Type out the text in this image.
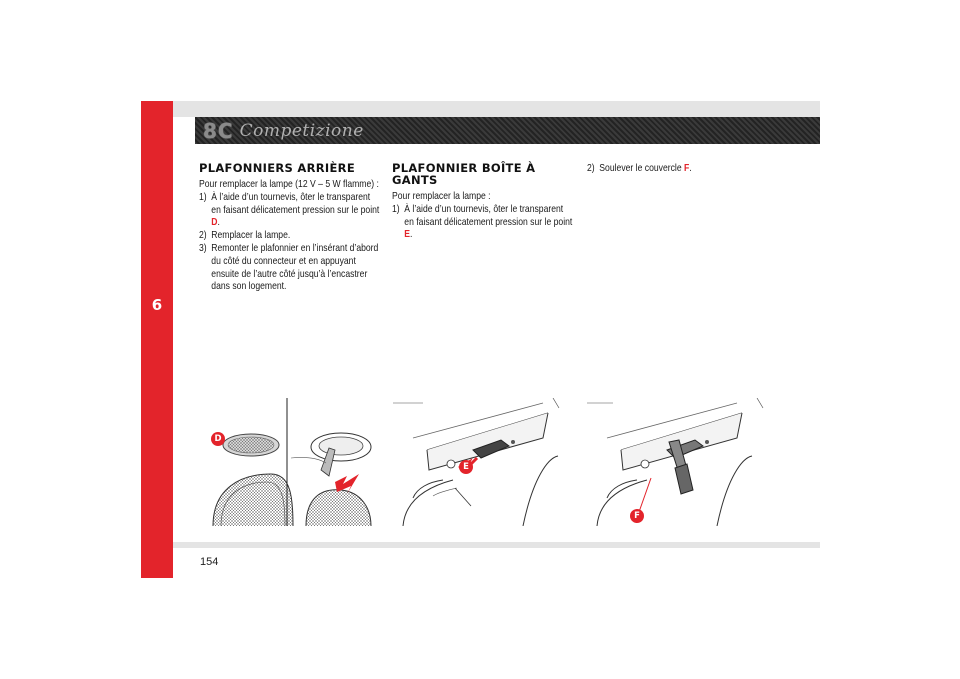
6
8C Competizione
PLAFONNIERS ARRIÈRE

Pour remplacer la lampe (12 V – 5 W flamme) :

1) À l’aide d’un tournevis, ôter le transparent en faisant délicatement pression sur le point D.
2) Remplacer la lampe.
3) Remonter le plafonnier en l’insérant d’abord du côté du connecteur et en appuyant ensuite de l’autre côté jusqu’à l’encastrer dans son logement.
PLAFONNIER BOÎTE À GANTS

Pour remplacer la lampe :

1) À l’aide d’un tournevis, ôter le transparent en faisant délicatement pression sur le point E.
2) Soulever le couvercle F.
D
E
F
154
